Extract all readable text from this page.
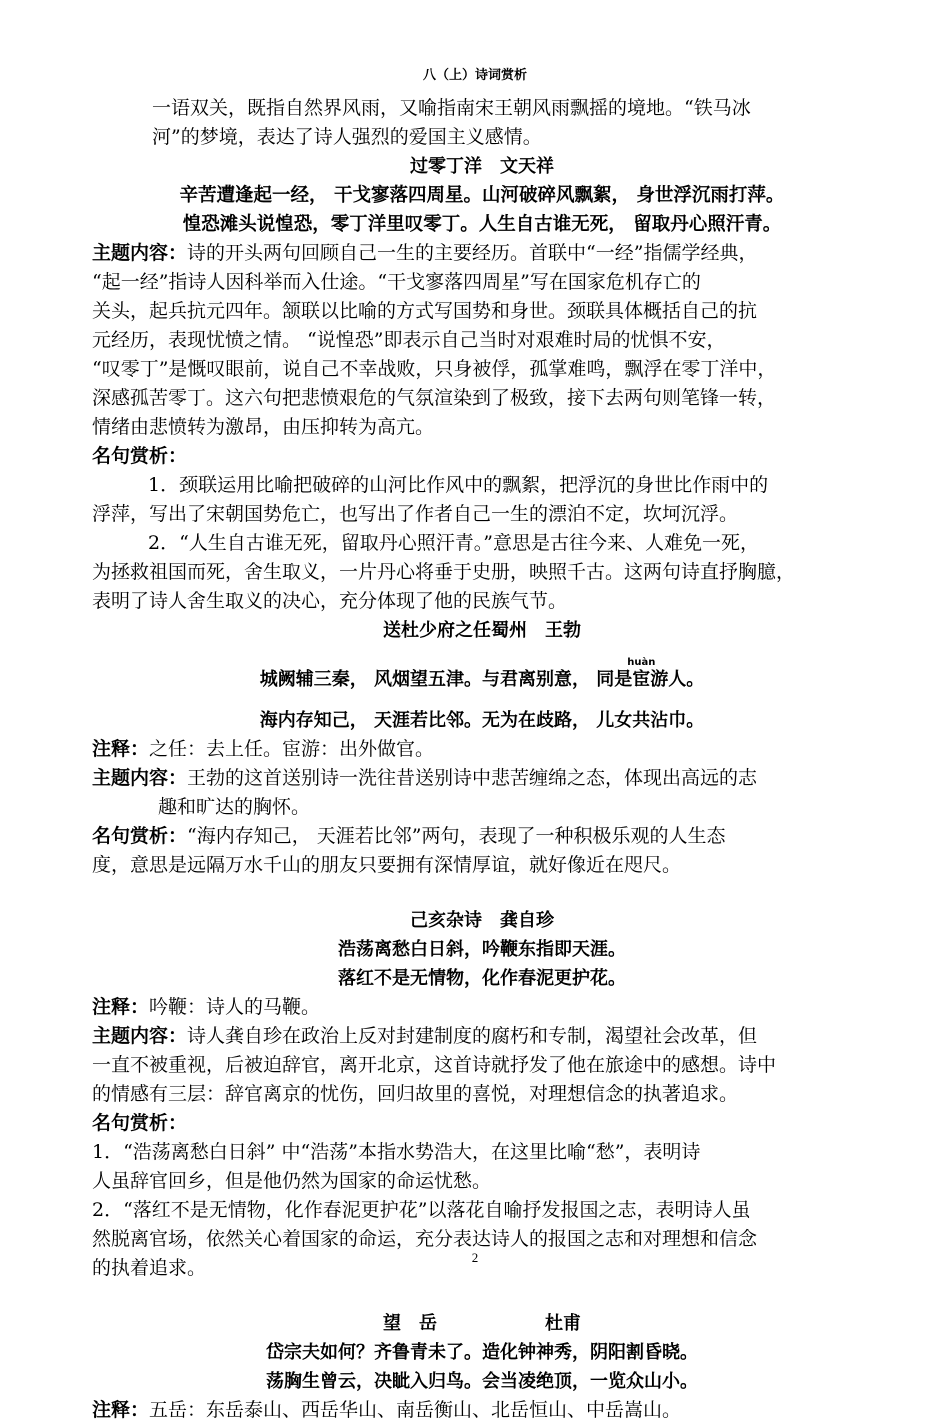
八（上）诗词赏析

一语双关，既指自然界风雨，又喻指南宋王朝风雨飘摇的境地。“铁马冰

河”的梦境，表达了诗人强烈的爱国主义感情。

过零丁洋　文天祥

辛苦遭逢起一经， 干戈寥落四周星。山河破碎风飘絮， 身世浮沉雨打萍。

惶恐滩头说惶恐，零丁洋里叹零丁。人生自古谁无死， 留取丹心照汗青。

主题内容：诗的开头两句回顾自己一生的主要经历。首联中“一经”指儒学经典，

“起一经”指诗人因科举而入仕途。“干戈寥落四周星”写在国家危机存亡的

关头，起兵抗元四年。颔联以比喻的方式写国势和身世。颈联具体概括自己的抗

元经历，表现忧愤之情。 “说惶恐”即表示自己当时对艰难时局的忧惧不安，

“叹零丁”是慨叹眼前，说自己不幸战败，只身被俘，孤掌难鸣，飘浮在零丁洋中，

深感孤苦零丁。这六句把悲愤艰危的气氛渲染到了极致，接下去两句则笔锋一转，

情绪由悲愤转为激昂，由压抑转为高亢。

名句赏析：

1．颈联运用比喻把破碎的山河比作风中的飘絮，把浮沉的身世比作雨中的

浮萍，写出了宋朝国势危亡，也写出了作者自己一生的漂泊不定，坎坷沉浮。

2．“人生自古谁无死，留取丹心照汗青。”意思是古往今来、人难免一死，

为拯救祖国而死，舍生取义，一片丹心将垂于史册，映照千古。这两句诗直抒胸臆，

表明了诗人舍生取义的决心，充分体现了他的民族气节。

送杜少府之任蜀州　王勃

城阙辅三秦， 风烟望五津。与君离别意， 同是
huàn
宦游人。

海内存知己， 天涯若比邻。无为在歧路， 儿女共沾巾。

注释：之任：去上任。宦游：出外做官。

主题内容：王勃的这首送别诗一洗往昔送别诗中悲苦缠绵之态，体现出高远的志

趣和旷达的胸怀。

名句赏析：“海内存知己， 天涯若比邻”两句，表现了一种积极乐观的人生态

度，意思是远隔万水千山的朋友只要拥有深情厚谊，就好像近在咫尺。

己亥杂诗　龚自珍

浩荡离愁白日斜，吟鞭东指即天涯。

落红不是无情物，化作春泥更护花。

注释：吟鞭：诗人的马鞭。

主题内容：诗人龚自珍在政治上反对封建制度的腐朽和专制，渴望社会改革，但

一直不被重视，后被迫辞官，离开北京，这首诗就抒发了他在旅途中的感想。诗中

的情感有三层：辞官离京的忧伤，回归故里的喜悦，对理想信念的执著追求。

名句赏析：

1．“浩荡离愁白日斜” 中“浩荡”本指水势浩大，在这里比喻“愁”，表明诗

人虽辞官回乡，但是他仍然为国家的命运忧愁。

2．“落红不是无情物，化作春泥更护花”以落花自喻抒发报国之志，表明诗人虽

然脱离官场，依然关心着国家的命运，充分表达诗人的报国之志和对理想和信念

的执着追求。

望　岳　　　　　　杜甫

岱宗夫如何？齐鲁青未了。造化钟神秀，阴阳割昏晓。

荡胸生曾云，决眦入归鸟。会当凌绝顶，一览众山小。

注释：五岳：东岳泰山、西岳华山、南岳衡山、北岳恒山、中岳嵩山。

2
